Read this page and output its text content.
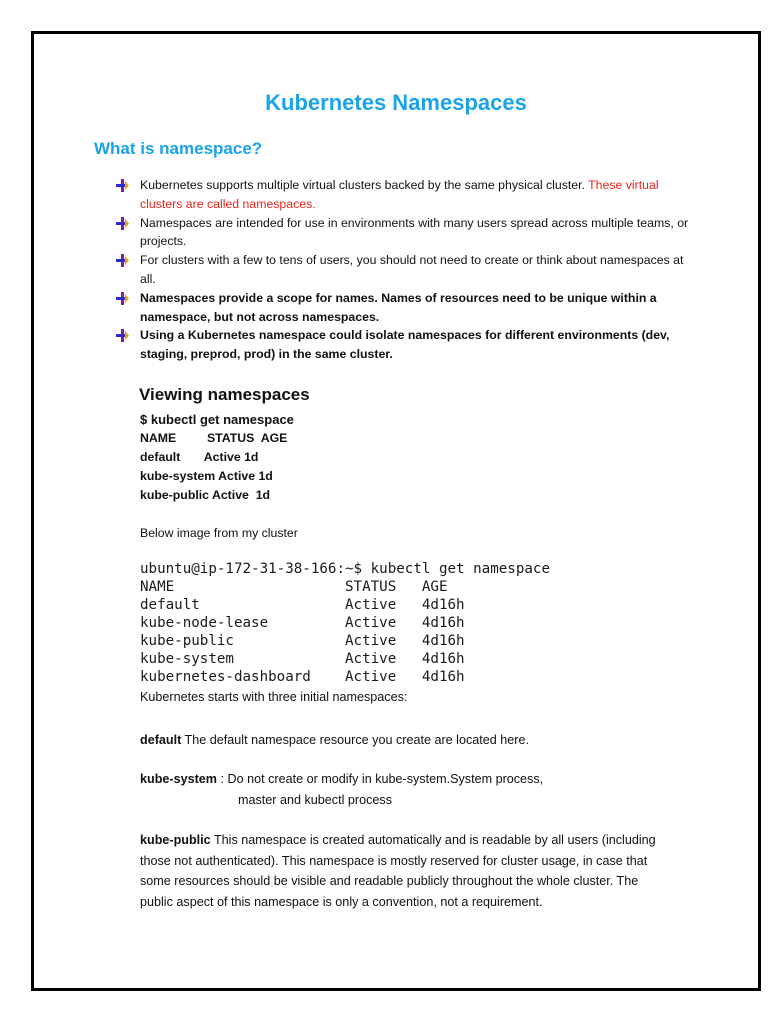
Kubernetes Namespaces
What is namespace?
Kubernetes supports multiple virtual clusters backed by the same physical cluster. These virtual clusters are called namespaces.
Namespaces are intended for use in environments with many users spread across multiple teams, or projects.
For clusters with a few to tens of users, you should not need to create or think about namespaces at all.
Namespaces provide a scope for names. Names of resources need to be unique within a namespace, but not across namespaces.
Using a Kubernetes namespace could isolate namespaces for different environments (dev, staging, preprod, prod) in the same cluster.
Viewing namespaces
$ kubectl get namespace
NAME         STATUS  AGE
default       Active 1d
kube-system Active 1d
kube-public Active  1d

Below image from my cluster

ubuntu@ip-172-31-38-166:~$ kubectl get namespace
NAME                    STATUS   AGE
default                 Active   4d16h
kube-node-lease         Active   4d16h
kube-public             Active   4d16h
kube-system             Active   4d16h
kubernetes-dashboard    Active   4d16h

Kubernetes starts with three initial namespaces:

default The default namespace resource you create are located here.

kube-system : Do not create or modify in kube-system.System process,
master and kubectl process

kube-public This namespace is created automatically and is readable by all users (including those not authenticated). This namespace is mostly reserved for cluster usage, in case that some resources should be visible and readable publicly throughout the whole cluster. The public aspect of this namespace is only a convention, not a requirement.
